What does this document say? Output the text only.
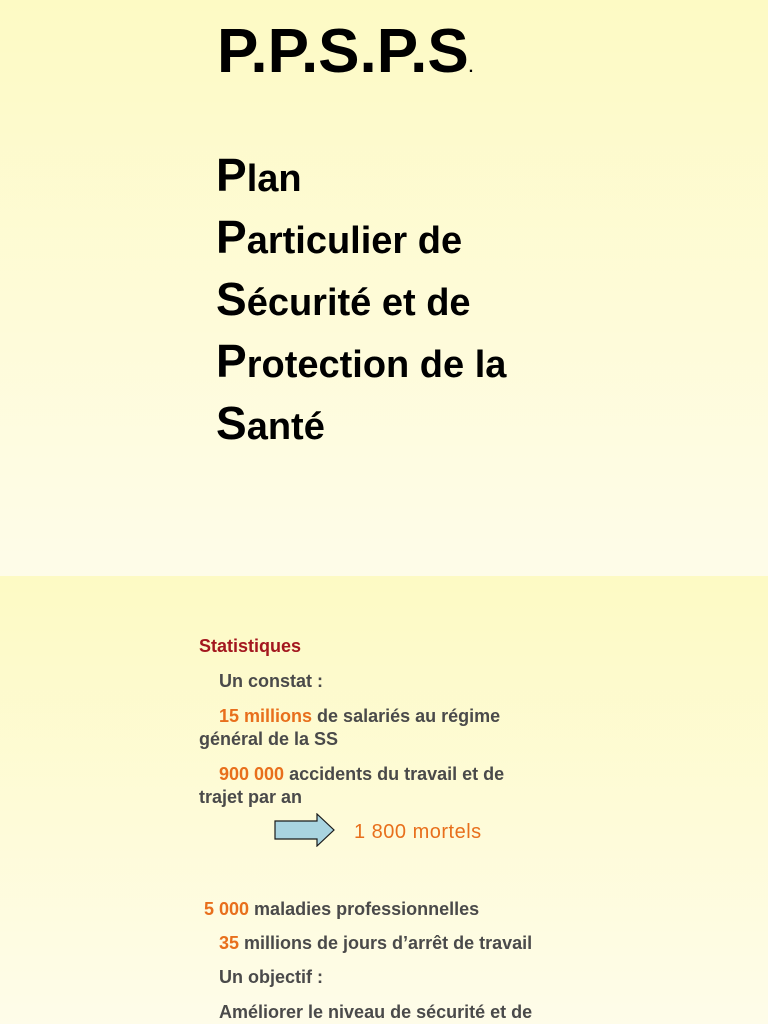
P.P.S.P.S.
Plan
Particulier de
Sécurité et de
Protection de la
Santé
Statistiques
Un constat :
15 millions de salariés au régime
général de la SS
900 000 accidents du travail et de
trajet par an
1 800 mortels
5 000 maladies professionnelles
35 millions de jours d’arrêt de travail
Un objectif :
Améliorer le niveau de sécurité et de
